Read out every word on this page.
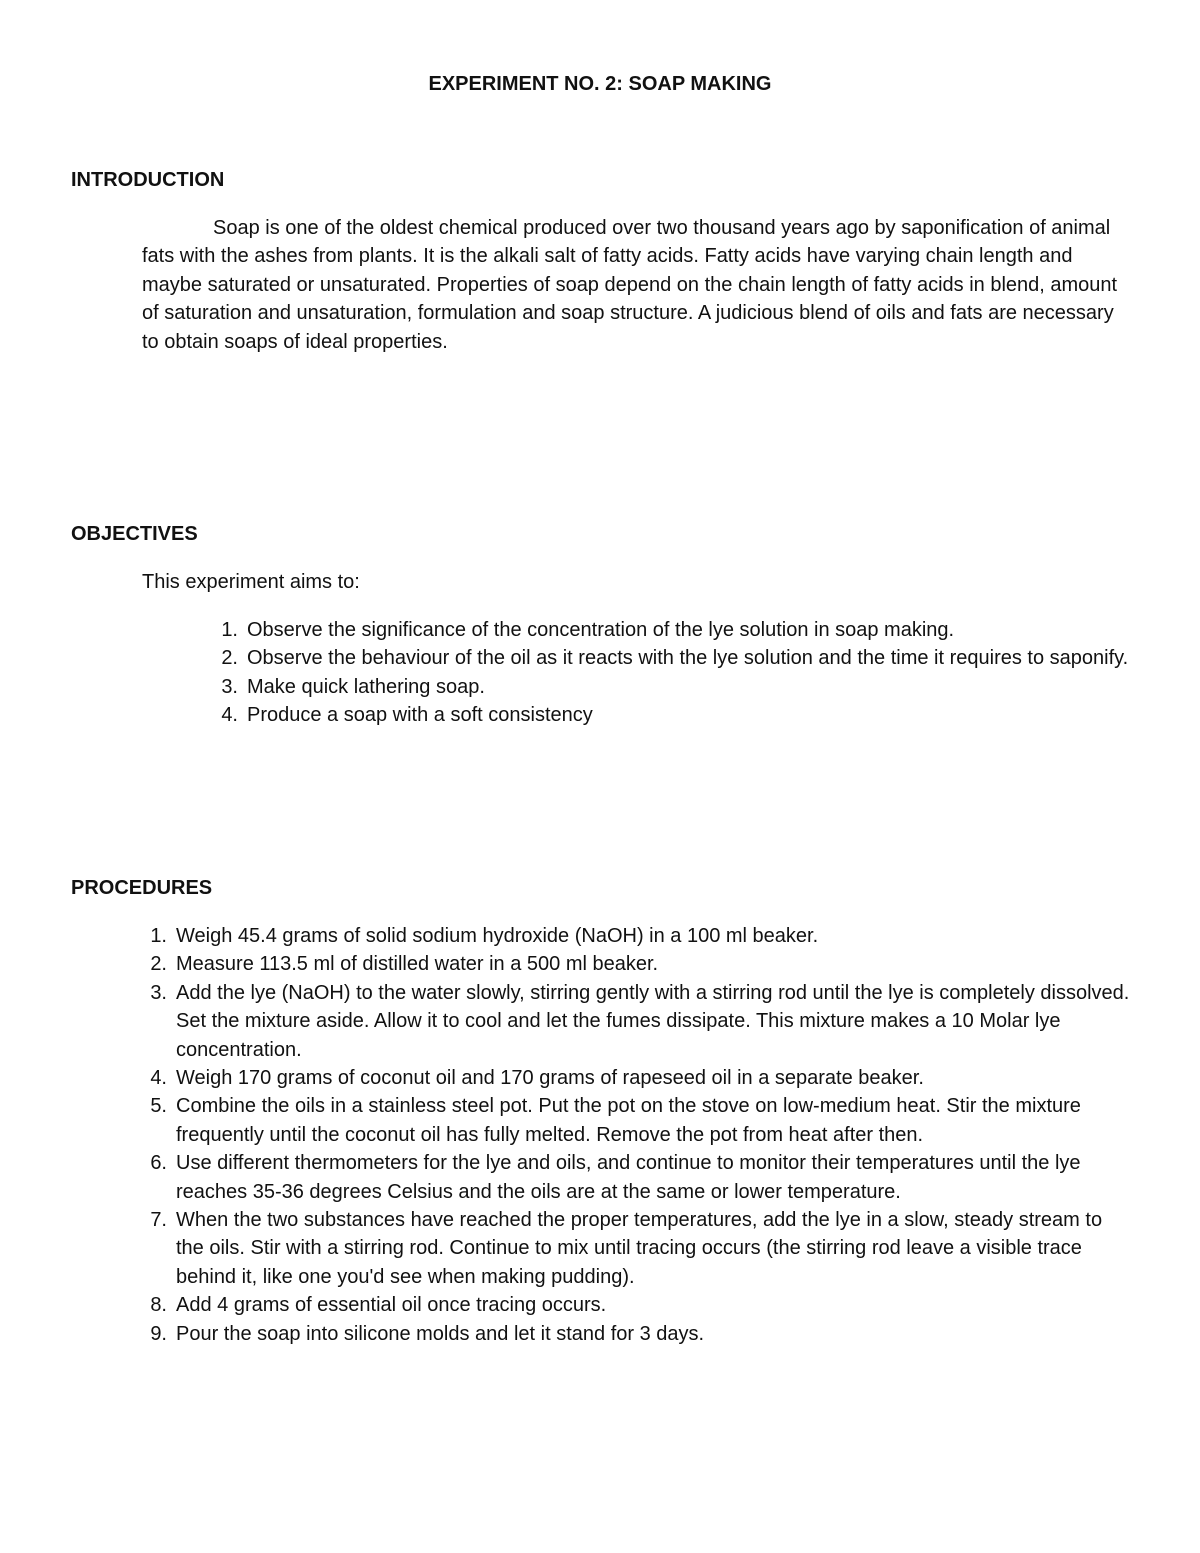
EXPERIMENT NO. 2: SOAP MAKING
INTRODUCTION

Soap is one of the oldest chemical produced over two thousand years ago by saponification of animal fats with the ashes from plants. It is the alkali salt of fatty acids. Fatty acids have varying chain length and maybe saturated or unsaturated. Properties of soap depend on the chain length of fatty acids in blend, amount of saturation and unsaturation, formulation and soap structure. A judicious blend of oils and fats are necessary to obtain soaps of ideal properties.

OBJECTIVES

This experiment aims to:

1. Observe the significance of the concentration of the lye solution in soap making.
2. Observe the behaviour of the oil as it reacts with the lye solution and the time it requires to saponify.
3. Make quick lathering soap.
4. Produce a soap with a soft consistency
PROCEDURES
1. Weigh 45.4 grams of solid sodium hydroxide (NaOH) in a 100 ml beaker.
2. Measure 113.5 ml of distilled water in a 500 ml beaker.
3. Add the lye (NaOH) to the water slowly, stirring gently with a stirring rod until the lye is completely dissolved. Set the mixture aside. Allow it to cool and let the fumes dissipate. This mixture makes a 10 Molar lye concentration.
4. Weigh 170 grams of coconut oil and 170 grams of rapeseed oil in a separate beaker.
5. Combine the oils in a stainless steel pot. Put the pot on the stove on low-medium heat. Stir the mixture frequently until the coconut oil has fully melted. Remove the pot from heat after then.
6. Use different thermometers for the lye and oils, and continue to monitor their temperatures until the lye reaches 35-36 degrees Celsius and the oils are at the same or lower temperature.
7. When the two substances have reached the proper temperatures, add the lye in a slow, steady stream to the oils. Stir with a stirring rod. Continue to mix until tracing occurs (the stirring rod leave a visible trace behind it, like one you'd see when making pudding).
8. Add 4 grams of essential oil once tracing occurs.
9. Pour the soap into silicone molds and let it stand for 3 days.
